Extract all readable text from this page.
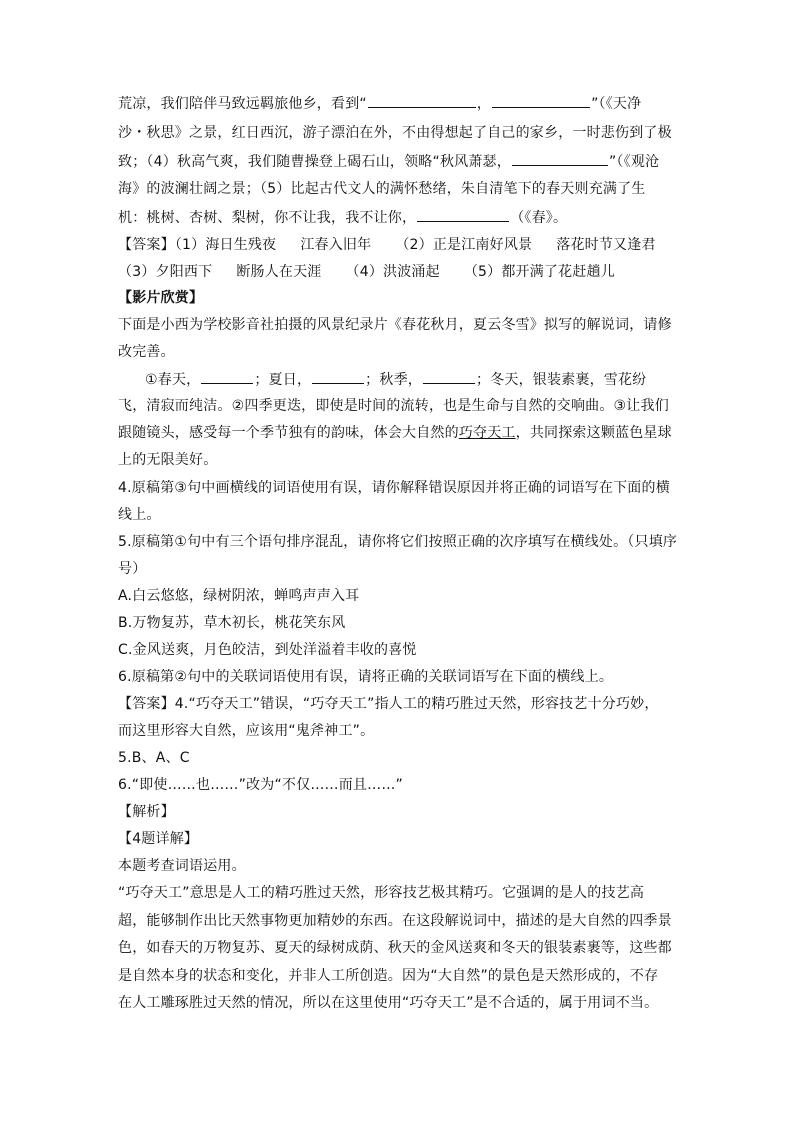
荒凉，我们陪伴马致远羁旅他乡，看到“	，	”（《天净
沙・秋思》之景，红日西沉，游子漂泊在外，不由得想起了自己的家乡，一时悲伤到了极
致；（4）秋高气爽，我们随曹操登上碣石山，领略“秋风萧瑟，	”（《观沧
海》的波澜壮阔之景；（5）比起古代文人的满怀愁绪，朱自清笔下的春天则充满了生
机：桃树、杏树、梨树，你不让我，我不让你，	（《春》。
【答案】（1）海日生残夜 江春入旧年 （2）正是江南好风景 落花时节又逢君
（3）夕阳西下 断肠人在天涯 （4）洪波涌起 （5）都开满了花赶趟儿
【影片欣赏】
下面是小西为学校影音社拍摄的风景纪录片《春花秋月，夏云冬雪》拟写的解说词，请修
改完善。
①春天，	；夏日，	；秋季，	；冬天，银装素裹，雪花纷
飞，清寂而纯洁。②四季更迭，即使是时间的流转，也是生命与自然的交响曲。③让我们
跟随镜头，感受每一个季节独有的韵味，体会大自然的巧夺天工，共同探索这颗蓝色星球
上的无限美好。
4.原稿第③句中画横线的词语使用有误，请你解释错误原因并将正确的词语写在下面的横
线上。
5.原稿第①句中有三个语句排序混乱，请你将它们按照正确的次序填写在横线处。（只填序
号）
A.白云悠悠，绿树阴浓，蝉鸣声声入耳
B.万物复苏，草木初长，桃花笑东风
C.金风送爽，月色皎洁，到处洋溢着丰收的喜悦
6.原稿第②句中的关联词语使用有误，请将正确的关联词语写在下面的横线上。
【答案】4.“巧夺天工”错误，“巧夺天工”指人工的精巧胜过天然，形容技艺十分巧妙，
而这里形容大自然，应该用“鬼斧神工”。
5.B、A、C
6.“即使……也……”改为“不仅……而且……”
【解析】
【4题详解】
本题考查词语运用。
“巧夺天工”意思是人工的精巧胜过天然，形容技艺极其精巧。它强调的是人的技艺高
超，能够制作出比天然事物更加精妙的东西。在这段解说词中，描述的是大自然的四季景
色，如春天的万物复苏、夏天的绿树成荫、秋天的金风送爽和冬天的银装素裹等，这些都
是自然本身的状态和变化，并非人工所创造。因为“大自然”的景色是天然形成的，不存
在人工雕琢胜过天然的情况，所以在这里使用“巧夺天工”是不合适的，属于用词不当。
